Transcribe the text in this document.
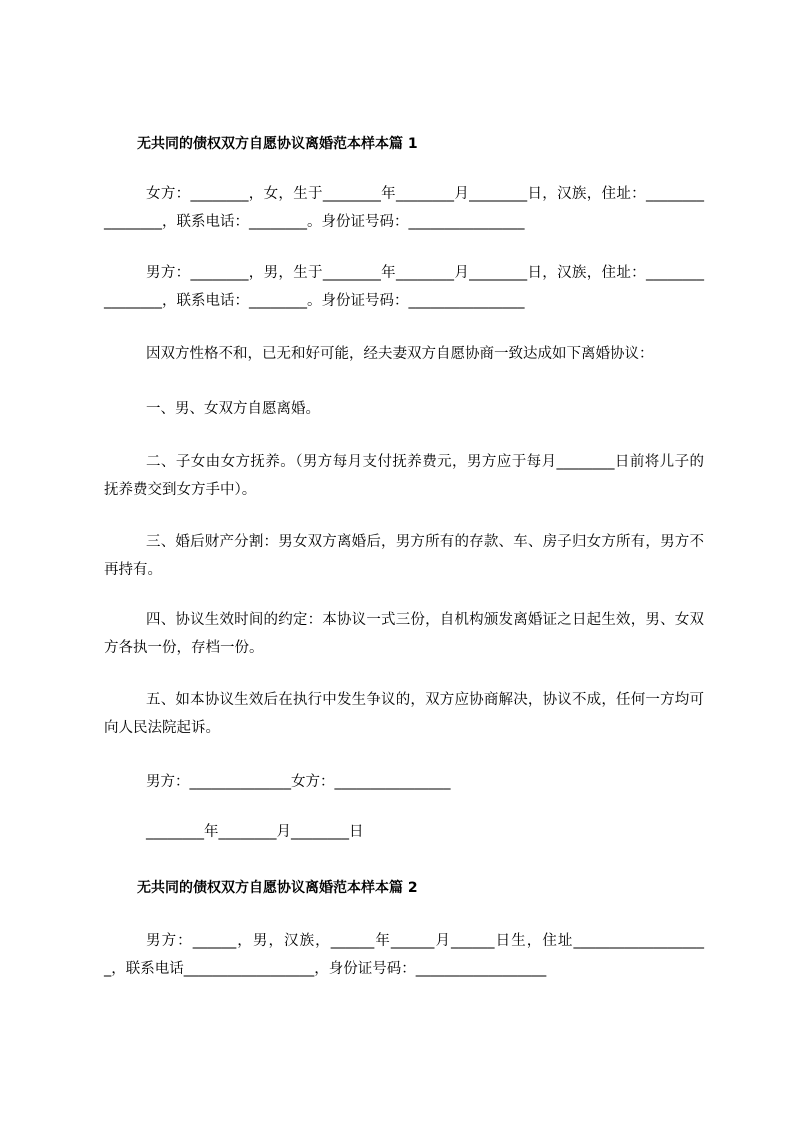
无共同的债权双方自愿协议离婚范本样本篇 1
女方：________，女，生于________年________月________日，汉族，住址：________________，联系电话：________。身份证号码：________________
男方：________，男，生于________年________月________日，汉族，住址：________________，联系电话：________。身份证号码：________________
因双方性格不和，已无和好可能，经夫妻双方自愿协商一致达成如下离婚协议：
一、男、女双方自愿离婚。
二、子女由女方抚养。（男方每月支付抚养费元，男方应于每月________日前将儿子的抚养费交到女方手中）。
三、婚后财产分割：男女双方离婚后，男方所有的存款、车、房子归女方所有，男方不再持有。
四、协议生效时间的约定：本协议一式三份，自机构颁发离婚证之日起生效，男、女双方各执一份，存档一份。
五、如本协议生效后在执行中发生争议的，双方应协商解决，协议不成，任何一方均可向人民法院起诉。
男方：______________女方：________________
________年________月________日
无共同的债权双方自愿协议离婚范本样本篇 2
男方：______，男，汉族，______年______月______日生，住址___________________，联系电话__________________，身份证号码：__________________
